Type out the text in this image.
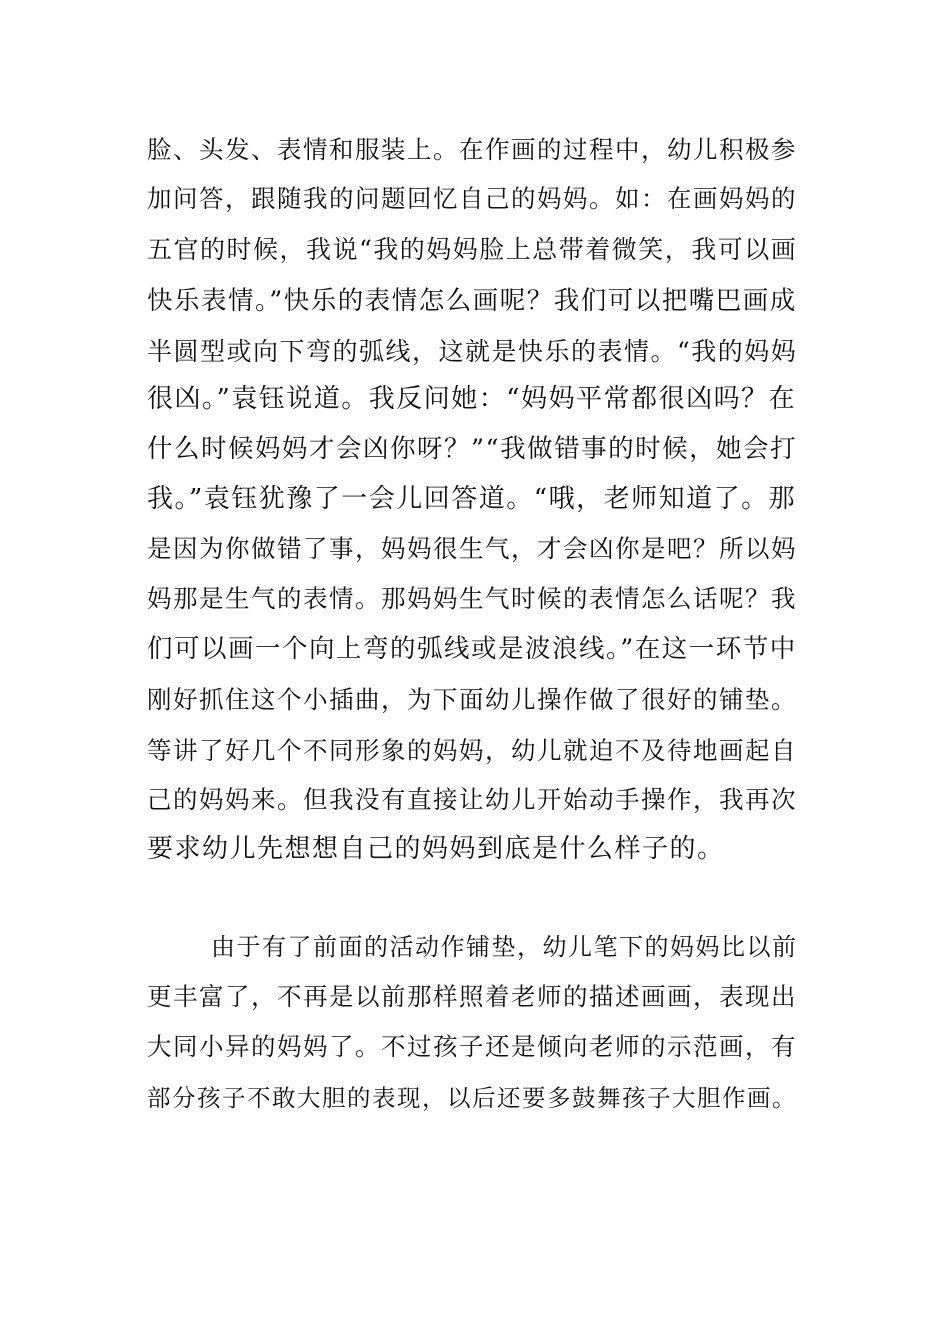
脸、头发、表情和服装上。在作画的过程中，幼儿积极参
加问答，跟随我的问题回忆自己的妈妈。如：在画妈妈的
五官的时候，我说“我的妈妈脸上总带着微笑，我可以画
快乐表情。”快乐的表情怎么画呢？我们可以把嘴巴画成
半圆型或向下弯的弧线，这就是快乐的表情。“我的妈妈
很凶。”袁钰说道。我反问她：“妈妈平常都很凶吗？在
什么时候妈妈才会凶你呀？”“我做错事的时候，她会打
我。”袁钰犹豫了一会儿回答道。“哦，老师知道了。那
是因为你做错了事，妈妈很生气，才会凶你是吧？所以妈
妈那是生气的表情。那妈妈生气时候的表情怎么话呢？我
们可以画一个向上弯的弧线或是波浪线。”在这一环节中
刚好抓住这个小插曲，为下面幼儿操作做了很好的铺垫。
等讲了好几个不同形象的妈妈，幼儿就迫不及待地画起自
己的妈妈来。但我没有直接让幼儿开始动手操作，我再次
要求幼儿先想想自己的妈妈到底是什么样子的。
由于有了前面的活动作铺垫，幼儿笔下的妈妈比以前
更丰富了，不再是以前那样照着老师的描述画画，表现出
大同小异的妈妈了。不过孩子还是倾向老师的示范画，有
部分孩子不敢大胆的表现，以后还要多鼓舞孩子大胆作画。
